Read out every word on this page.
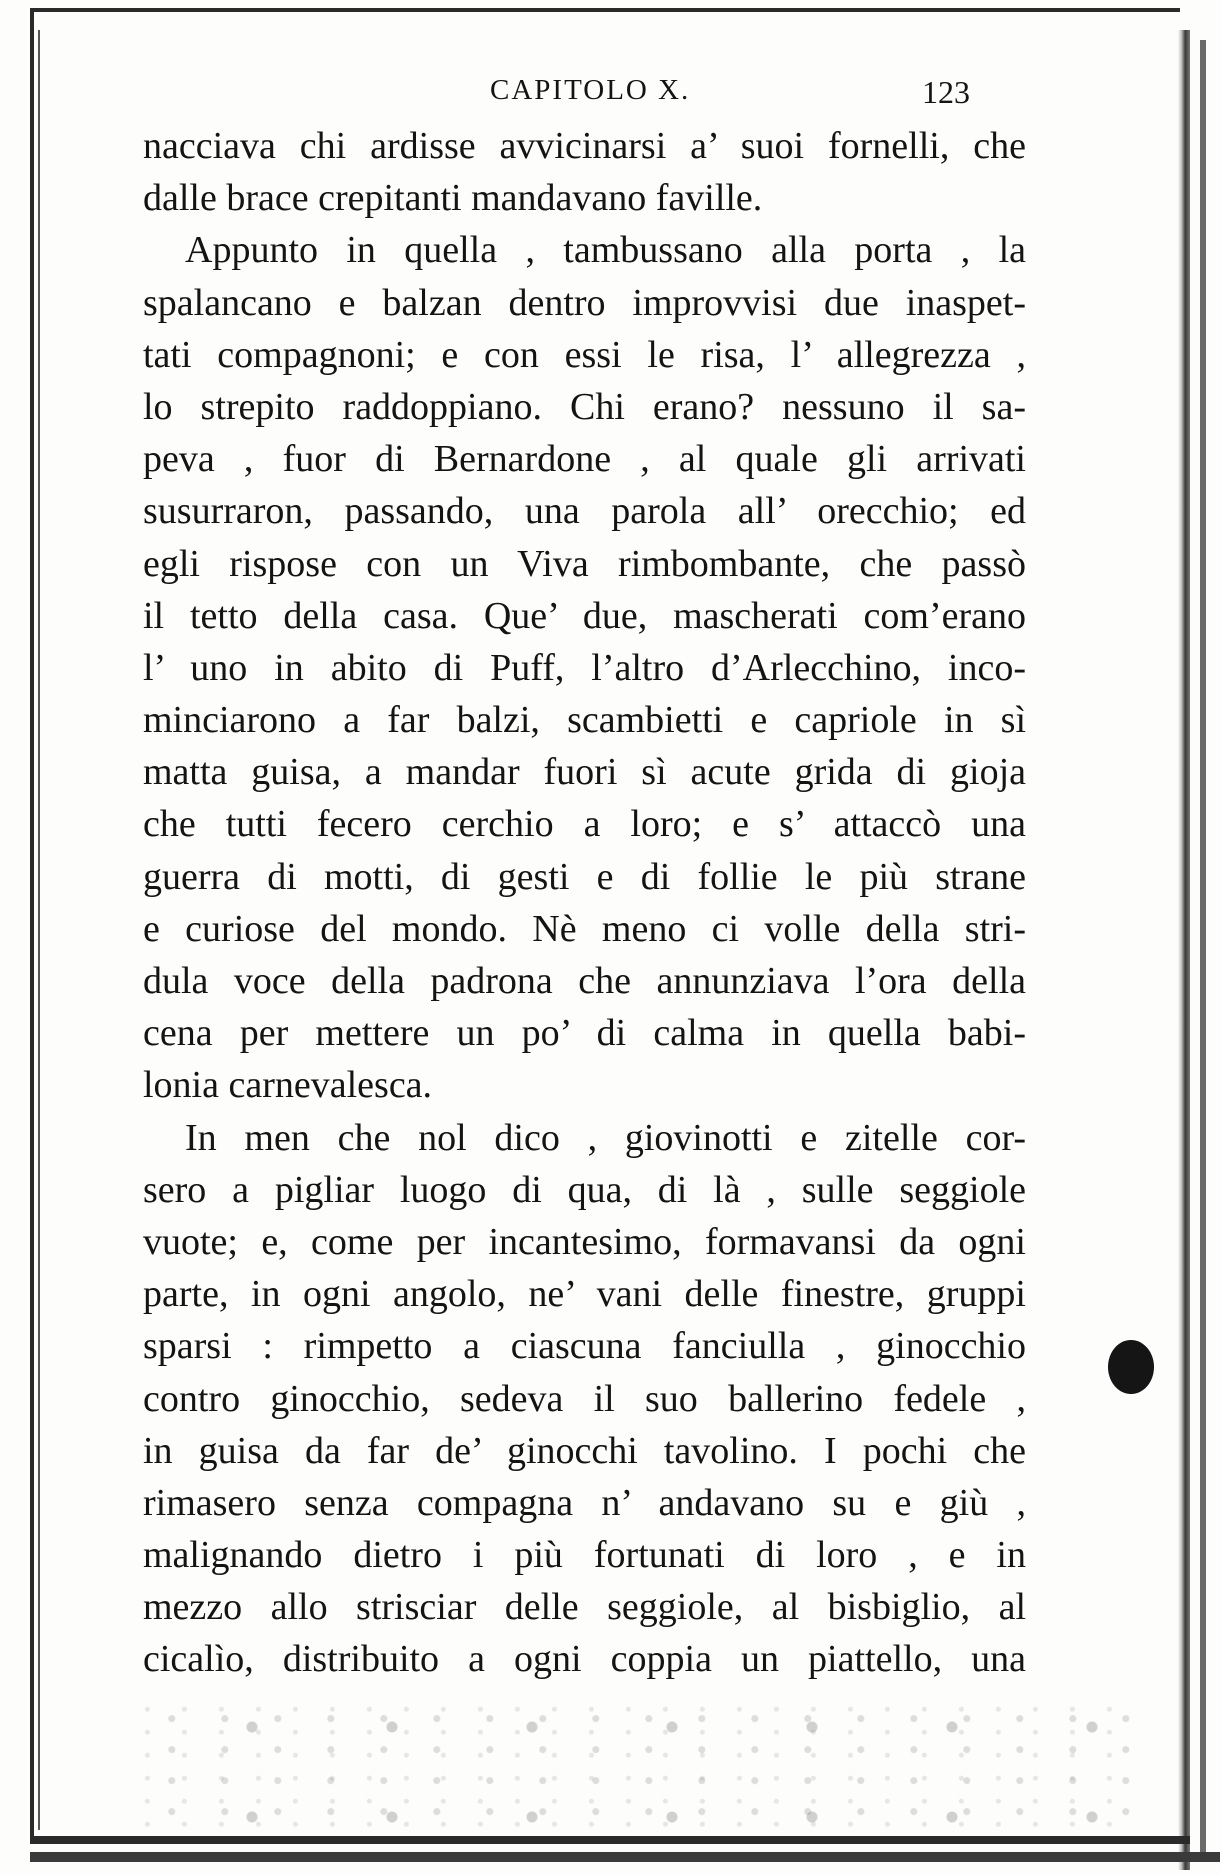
CAPITOLO X.	123
nacciava chi ardisse avvicinarsi a’ suoi fornelli, che
dalle brace crepitanti mandavano faville.
Appunto in quella , tambussano alla porta , la
spalancano e balzan dentro improvvisi due inaspet-
tati compagnoni; e con essi le risa, l’ allegrezza ,
lo strepito raddoppiano. Chi erano? nessuno il sa-
peva , fuor di Bernardone , al quale gli arrivati
susurraron, passando, una parola all’ orecchio; ed
egli rispose con un Viva rimbombante, che passò
il tetto della casa. Que’ due, mascherati com’erano
l’ uno in abito di Puff, l’altro d’Arlecchino, inco-
minciarono a far balzi, scambietti e capriole in sì
matta guisa, a mandar fuori sì acute grida di gioja
che tutti fecero cerchio a loro; e s’ attaccò una
guerra di motti, di gesti e di follie le più strane
e curiose del mondo. Nè meno ci volle della stri-
dula voce della padrona che annunziava l’ora della
cena per mettere un po’ di calma in quella babi-
lonia carnevalesca.
In men che nol dico , giovinotti e zitelle cor-
sero a pigliar luogo di qua, di là , sulle seggiole
vuote; e, come per incantesimo, formavansi da ogni
parte, in ogni angolo, ne’ vani delle finestre, gruppi
sparsi : rimpetto a ciascuna fanciulla , ginocchio
contro ginocchio, sedeva il suo ballerino fedele ,
in guisa da far de’ ginocchi tavolino. I pochi che
rimasero senza compagna n’ andavano su e giù ,
malignando dietro i più fortunati di loro , e in
mezzo allo strisciar delle seggiole, al bisbiglio, al
cicalìo, distribuito a ogni coppia un piattello, una
